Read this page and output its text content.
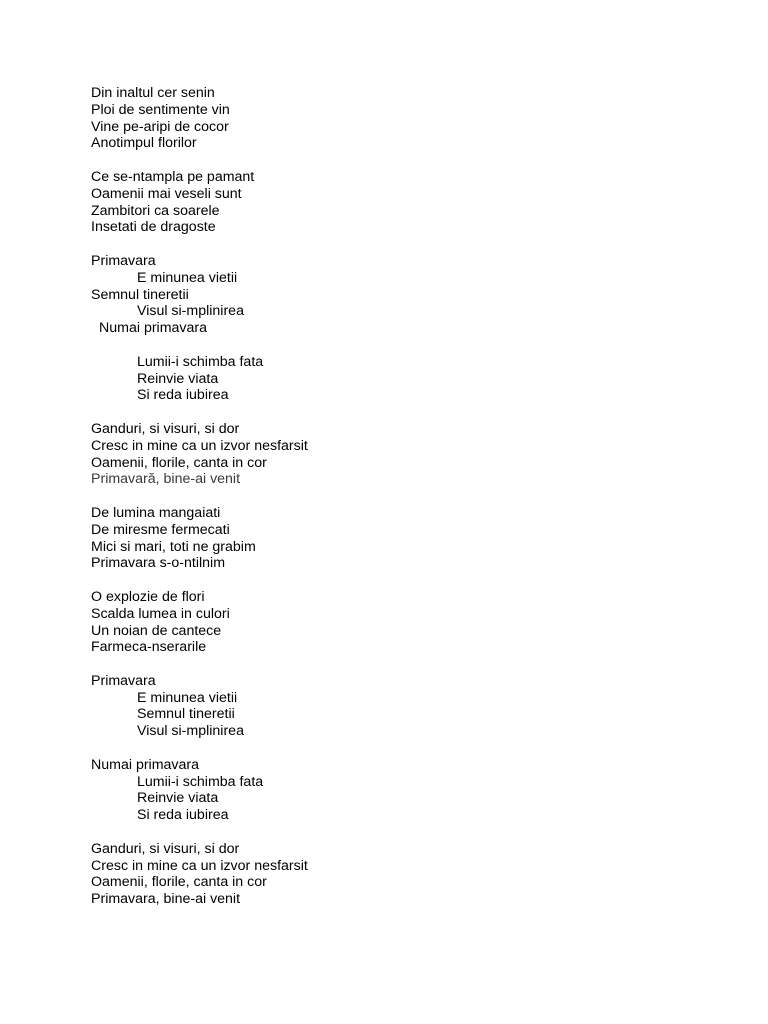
Din inaltul cer senin
Ploi de sentimente vin
Vine pe-aripi de cocor
Anotimpul florilor
Ce se-ntampla pe pamant
Oamenii mai veseli sunt
Zambitori ca soarele
Insetati de dragoste
Primavara
E minunea vietii
Semnul tineretii
Visul si-mplinirea
Numai primavara
Lumii-i schimba fata
Reinvie viata
Si reda iubirea
Ganduri, si visuri, si dor
Cresc in mine ca un izvor nesfarsit
Oamenii, florile, canta in cor
Primavară, bine-ai venit
De lumina mangaiati
De miresme fermecati
Mici si mari, toti ne grabim
Primavara s-o-ntilnim
O explozie de flori
Scalda lumea in culori
Un noian de cantece
Farmeca-nserarile
Primavara
E minunea vietii
Semnul tineretii
Visul si-mplinirea
Numai primavara
Lumii-i schimba fata
Reinvie viata
Si reda iubirea
Ganduri, si visuri, si dor
Cresc in mine ca un izvor nesfarsit
Oamenii, florile, canta in cor
Primavara, bine-ai venit
